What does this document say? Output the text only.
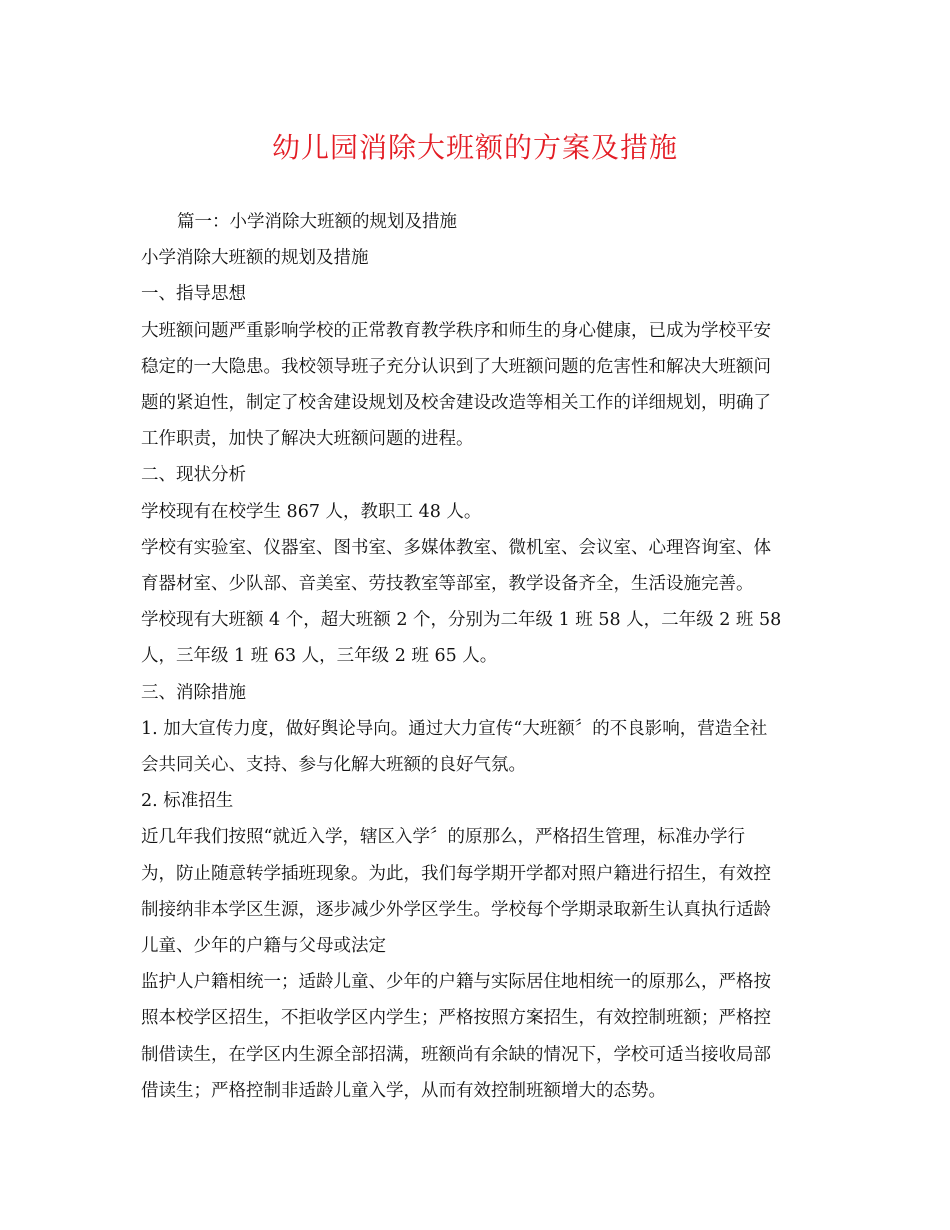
幼儿园消除大班额的方案及措施

篇一：小学消除大班额的规划及措施

小学消除大班额的规划及措施

一、指导思想

大班额问题严重影响学校的正常教育教学秩序和师生的身心健康，已成为学校平安

稳定的一大隐患。我校领导班子充分认识到了大班额问题的危害性和解决大班额问

题的紧迫性，制定了校舍建设规划及校舍建设改造等相关工作的详细规划，明确了

工作职责，加快了解决大班额问题的进程。

二、现状分析

学校现有在校学生 867 人，教职工 48 人。

学校有实验室、仪器室、图书室、多媒体教室、微机室、会议室、心理咨询室、体

育器材室、少队部、音美室、劳技教室等部室，教学设备齐全，生活设施完善。

学校现有大班额 4 个，超大班额 2 个，分别为二年级 1 班 58 人，二年级 2 班 58

人，三年级 1 班 63 人，三年级 2 班 65 人。

三、消除措施

1. 加大宣传力度，做好舆论导向。通过大力宣传“大班额〞的不良影响，营造全社

会共同关心、支持、参与化解大班额的良好气氛。

2. 标准招生

近几年我们按照“就近入学，辖区入学〞的原那么，严格招生管理，标准办学行

为，防止随意转学插班现象。为此，我们每学期开学都对照户籍进行招生，有效控

制接纳非本学区生源，逐步减少外学区学生。学校每个学期录取新生认真执行适龄

儿童、少年的户籍与父母或法定

监护人户籍相统一；适龄儿童、少年的户籍与实际居住地相统一的原那么，严格按

照本校学区招生，不拒收学区内学生；严格按照方案招生，有效控制班额；严格控

制借读生，在学区内生源全部招满，班额尚有余缺的情况下，学校可适当接收局部

借读生；严格控制非适龄儿童入学，从而有效控制班额增大的态势。
